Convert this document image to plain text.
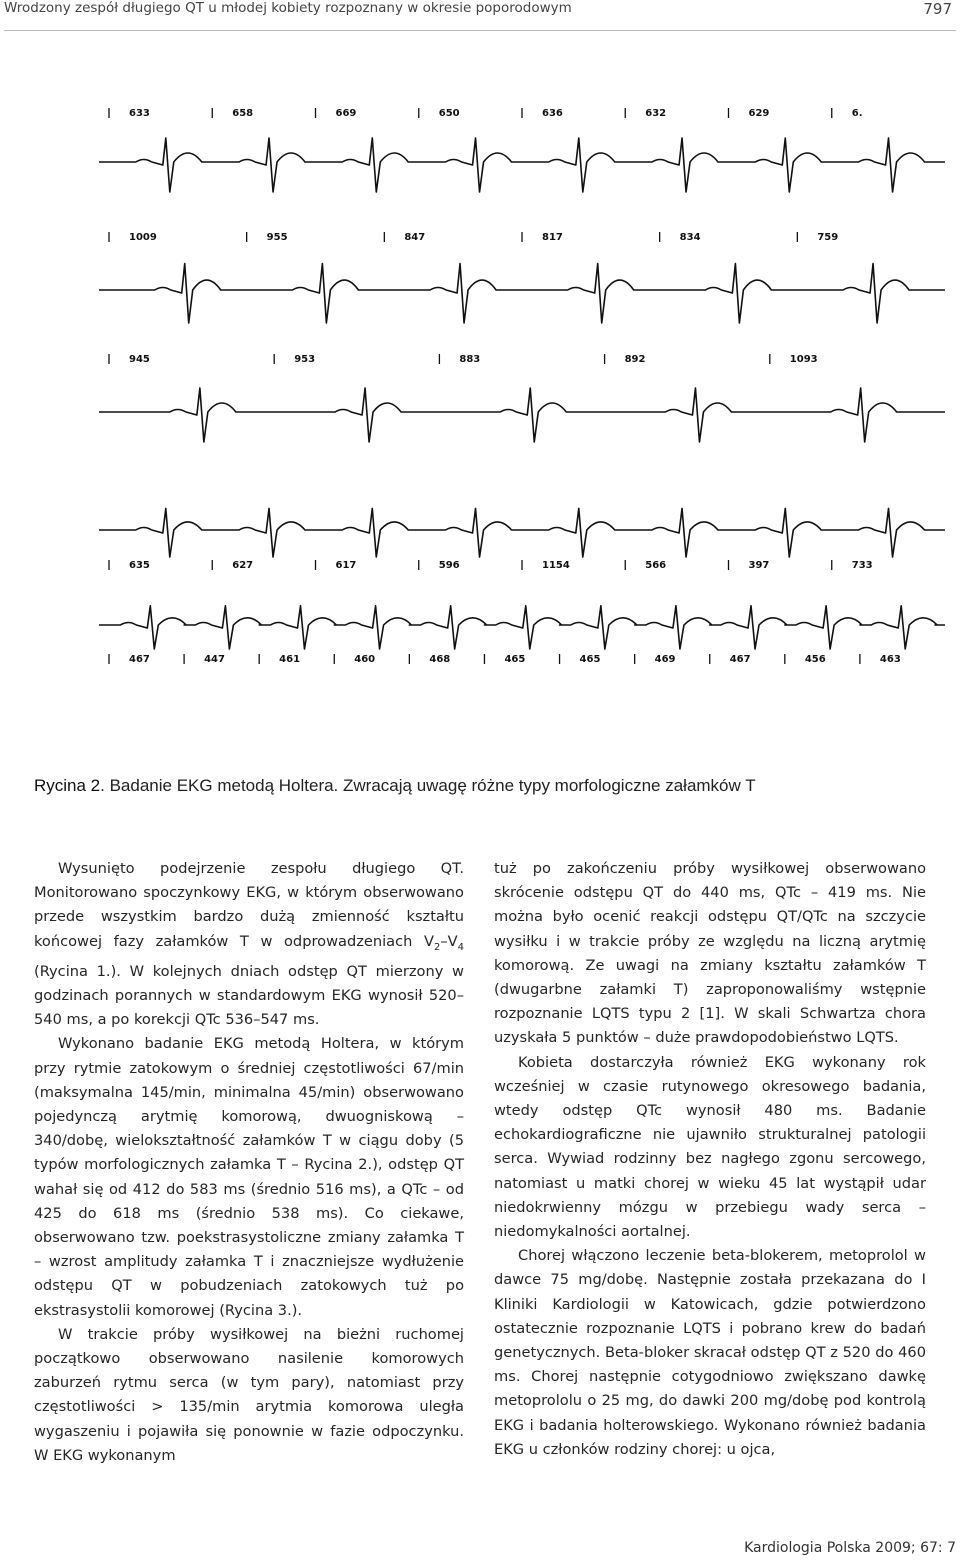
Wrodzony zespół długiego QT u młodej kobiety rozpoznany w okresie poporodowym	797
633	658	669	650	636	632	629	6.
1009	955	847	817	834	759
945	953	883	892	1093
635	627	617	596	1154	566	397	733
467	447	461	460	468	465	465	469	467	456	463
Rycina 2. Badanie EKG metodą Holtera. Zwracają uwagę różne typy morfologiczne załamków T

Wysunięto podejrzenie zespołu długiego QT. Monitorowano spoczynkowy EKG, w którym obserwowano przede wszystkim bardzo dużą zmienność kształtu końcowej fazy załamków T w odprowadzeniach $V_2-V_4$ (Rycina 1.). W kolejnych dniach odstęp QT mierzony w godzinach porannych w standardowym EKG wynosił 520–540 ms, a po korekcji QTc 536–547 ms.

Wykonano badanie EKG metodą Holtera, w którym przy rytmie zatokowym o średniej częstotliwości 67/min (maksymalna 145/min, minimalna 45/min) obserwowano pojedynczą arytmię komorową, dwuogniskową – 340/dobę, wielokształtność załamków T w ciągu doby (5 typów morfologicznych załamka T – Rycina 2.), odstęp QT wahał się od 412 do 583 ms (średnio 516 ms), a QTc – od 425 do 618 ms (średnio 538 ms). Co ciekawe, obserwowano tzw. poekstrasystoliczne zmiany załamka T – wzrost amplitudy załamka T i znaczniejsze wydłużenie odstępu QT w pobudzeniach zatokowych tuż po ekstrasystolii komorowej (Rycina 3.).

W trakcie próby wysiłkowej na bieżni ruchomej początkowo obserwowano nasilenie komorowych zaburzeń rytmu serca (w tym pary), natomiast przy częstotliwości > 135/min arytmia komorowa uległa wygaszeniu i pojawiła się ponownie w fazie odpoczynku. W EKG wykonanym

tuż po zakończeniu próby wysiłkowej obserwowano skrócenie odstępu QT do 440 ms, QTc – 419 ms. Nie można było ocenić reakcji odstępu QT/QTc na szczycie wysiłku i w trakcie próby ze względu na liczną arytmię komorową. Ze uwagi na zmiany kształtu załamków T (dwugarbne załamki T) zaproponowaliśmy wstępnie rozpoznanie LQTS typu 2 [1]. W skali Schwartza chora uzyskała 5 punktów – duże prawdopodobieństwo LQTS.

Kobieta dostarczyła również EKG wykonany rok wcześniej w czasie rutynowego okresowego badania, wtedy odstęp QTc wynosił 480 ms. Badanie echokardiograficzne nie ujawniło strukturalnej patologii serca. Wywiad rodzinny bez nagłego zgonu sercowego, natomiast u matki chorej w wieku 45 lat wystąpił udar niedokrwienny mózgu w przebiegu wady serca – niedomykalności aortalnej.

Chorej włączono leczenie beta-blokerem, metoprolol w dawce 75 mg/dobę. Następnie została przekazana do I Kliniki Kardiologii w Katowicach, gdzie potwierdzono ostatecznie rozpoznanie LQTS i pobrano krew do badań genetycznych. Beta-bloker skracał odstęp QT z 520 do 460 ms. Chorej następnie cotygodniowo zwiększano dawkę metoprololu o 25 mg, do dawki 200 mg/dobę pod kontrolą EKG i badania holterowskiego. Wykonano również badania EKG u członków rodziny chorej: u ojca,

Kardiologia Polska 2009; 67: 7
